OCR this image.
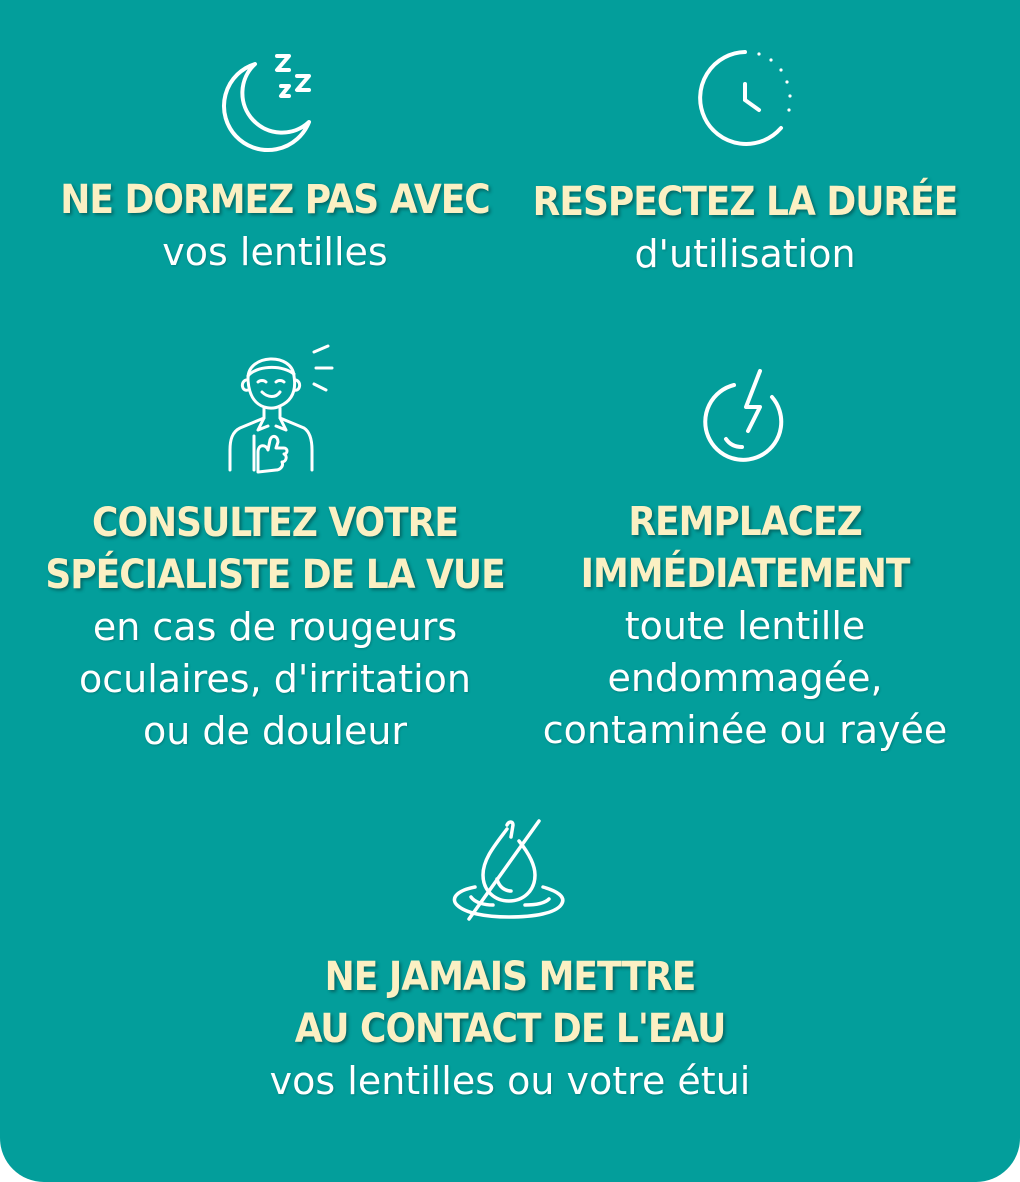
NE DORMEZ PAS AVEC
vos lentilles
RESPECTEZ LA DURÉE
d'utilisation
CONSULTEZ VOTRE
SPÉCIALISTE DE LA VUE
en cas de rougeurs
oculaires, d'irritation
ou de douleur
REMPLACEZ
IMMÉDIATEMENT
toute lentille
endommagée,
contaminée ou rayée
NE JAMAIS METTRE
AU CONTACT DE L'EAU
vos lentilles ou votre étui
